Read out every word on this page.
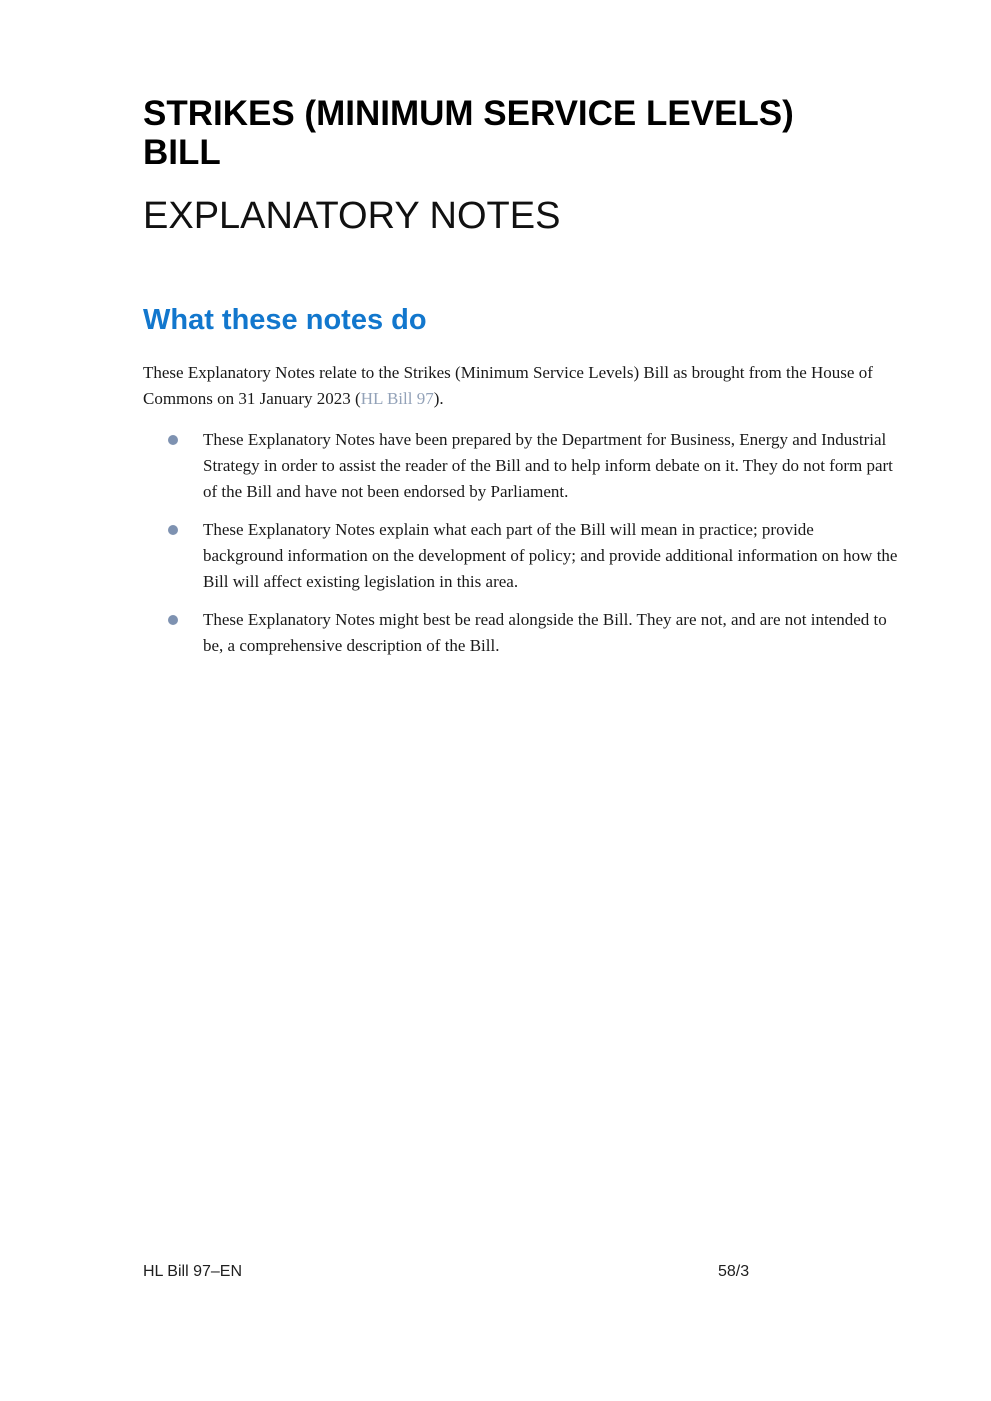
STRIKES (MINIMUM SERVICE LEVELS) BILL
EXPLANATORY NOTES
What these notes do

These Explanatory Notes relate to the Strikes (Minimum Service Levels) Bill as brought from the House of Commons on 31 January 2023 (HL Bill 97).

These Explanatory Notes have been prepared by the Department for Business, Energy and Industrial Strategy in order to assist the reader of the Bill and to help inform debate on it. They do not form part of the Bill and have not been endorsed by Parliament.
These Explanatory Notes explain what each part of the Bill will mean in practice; provide background information on the development of policy; and provide additional information on how the Bill will affect existing legislation in this area.
These Explanatory Notes might best be read alongside the Bill. They are not, and are not intended to be, a comprehensive description of the Bill.
HL Bill 97–EN	58/3
